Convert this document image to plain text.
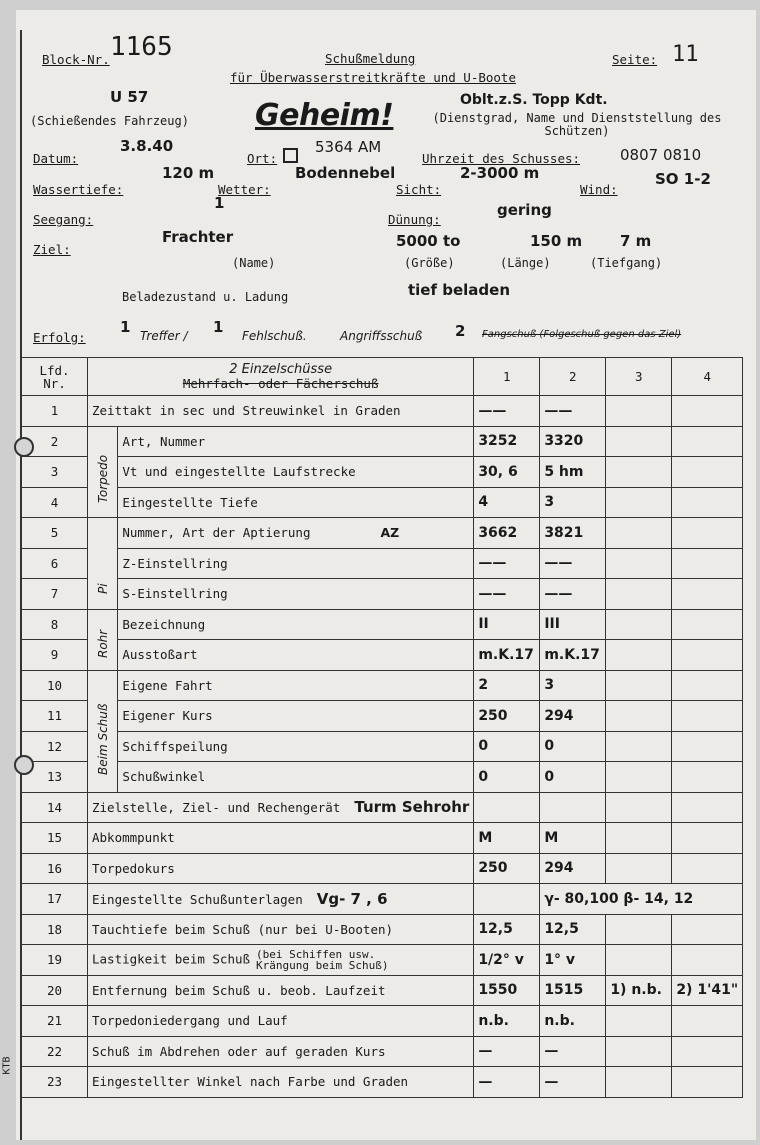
Block-Nr. 1165	Schußmeldung
für Überwasserstreitkräfte und U-Boote
Seite: 11
U 57
(Schießendes Fahrzeug) Geheim!	Oblt.z.S. Topp Kdt.
(Dienstgrad, Name und Dienststellung des Schützen)
Datum:
3.8.40
Ort:
5364 AM
Uhrzeit des Schusses:	0807 0810
Wassertiefe:
120 m
Wetter:
Bodennebel
Sicht:
2-3000 m
Wind:
SO 1-2
Seegang:
1
Dünung:
gering
Ziel:
Frachter	5000 to	150 m	7 m
(Name)	(Größe)	(Länge)	(Tiefgang)
Beladezustand u. Ladung	tief beladen
Erfolg:
1 Treffer / 1 Fehlschuß.	Angriffsschuß 2 Fangschuß (Folgeschuß gegen das Ziel)
Lfd. Nr.	2 Einzelschüsse
Mehrfach- oder Fächerschuß		1	2	3	4
1	Zeittakt in sec und Streuwinkel in Graden		——	——		
2	Torpedo	Art, Nummer	3252	3320		
3		Vt und eingestellte Laufstrecke	30, 6	5 hm		
4		Eingestellte Tiefe	4	3		
5	Pi	Nummer, Art der Aptierung AZ	3662	3821		
6		Z-Einstellring	——	——		
7		S-Einstellring	——	——		
8	Rohr	Bezeichnung	II	III		
9		Ausstoßart	m.K.17	m.K.17		
10	Beim Schuß	Eigene Fahrt	2	3		
11		Eigener Kurs	250	294		
12		Schiffspeilung	0	0		
13		Schußwinkel	0	0		
14	Zielstelle, Ziel- und Rechengerät Turm Sehrohr					
15	Abkommpunkt		M	M		
16	Torpedokurs		250	294		
17	Eingestellte Schußunterlagen Vg- 7 , 6			γ- 80,100 β- 14, 12		
18	Tauchtiefe beim Schuß (nur bei U-Booten)		12,5	12,5		
19	Lastigkeit beim Schuß (bei Schiffen usw. Krängung beim Schuß)		1/2° v	1° v		
20	Entfernung beim Schuß u. beob. Laufzeit		1550	1515	1) n.b.	2) 1'41"
21	Torpedoniedergang und Lauf		n.b.	n.b.		
22	Schuß im Abdrehen oder auf geraden Kurs		—	—		
23	Eingestellter Winkel nach Farbe und Graden		—	—		
KTB
